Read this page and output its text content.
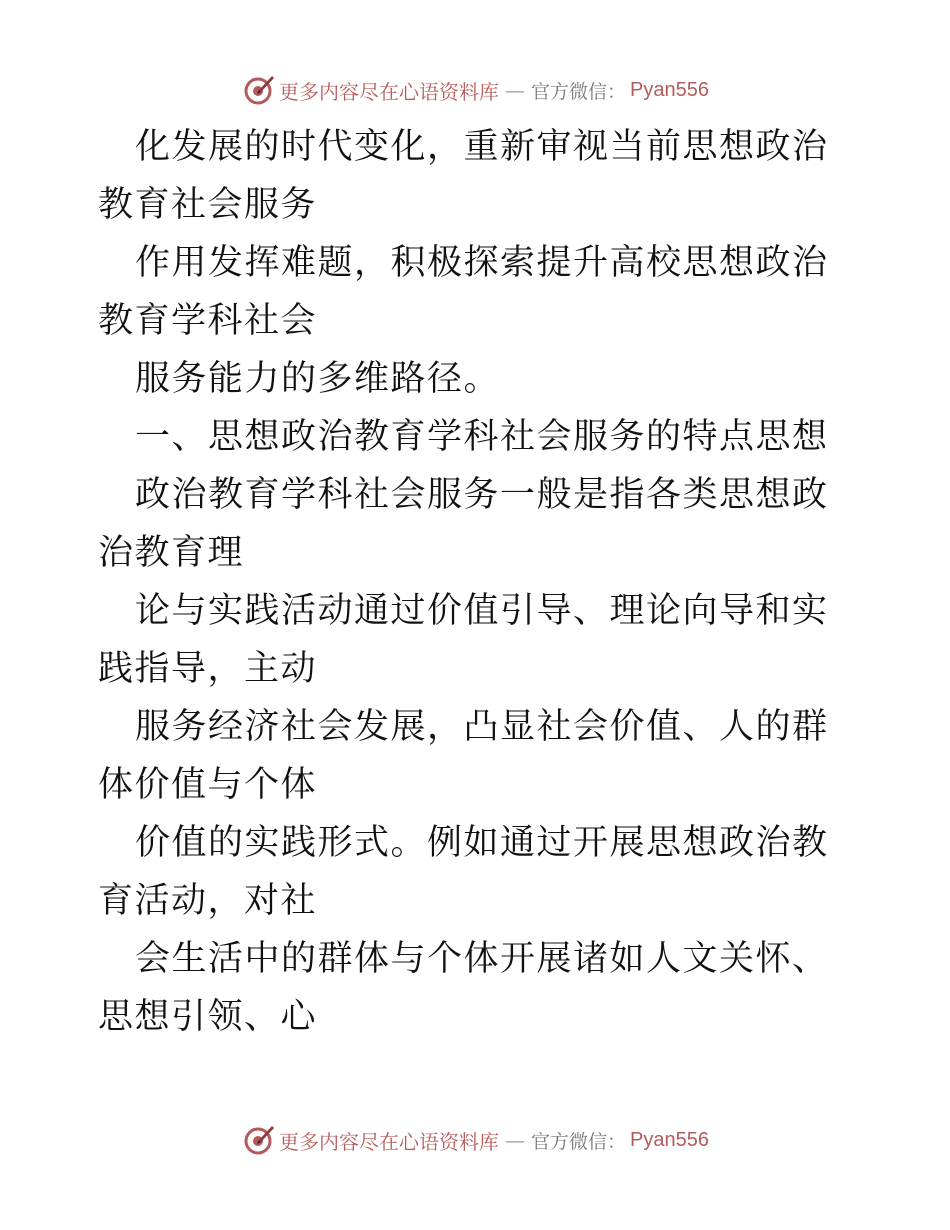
更多内容尽在心语资料库 — 官方微信： Pyan556

化发展的时代变化，重新审视当前思想政治教育社会服务

作用发挥难题，积极探索提升高校思想政治教育学科社会

服务能力的多维路径。

一、思想政治教育学科社会服务的特点思想

政治教育学科社会服务一般是指各类思想政治教育理

论与实践活动通过价值引导、理论向导和实践指导，主动

服务经济社会发展，凸显社会价值、人的群体价值与个体

价值的实践形式。例如通过开展思想政治教育活动，对社

会生活中的群体与个体开展诸如人文关怀、思想引领、心

更多内容尽在心语资料库 — 官方微信： Pyan556
